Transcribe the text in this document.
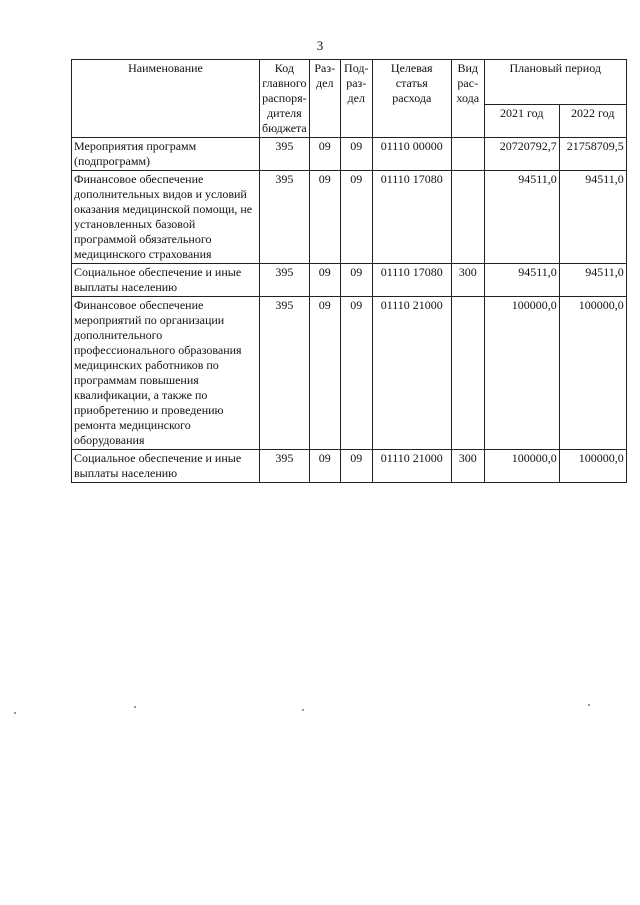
3
Наименование	Код главного распоря-дителя бюджета	Раз-дел	Под-раз-дел	Целевая статья расхода	Вид рас-хода	Плановый период	
						2021 год	2022 год
Мероприятия программ (подпрограмм)	395	09	09	01110 00000		20720792,7	21758709,5
Финансовое обеспечение дополнительных видов и условий оказания медицинской помощи, не установленных базовой программой обязательного медицинского страхования	395	09	09	01110 17080		94511,0	94511,0
Социальное обеспечение и иные выплаты населению	395	09	09	01110 17080	300	94511,0	94511,0
Финансовое обеспечение мероприятий по организации дополнительного профессионального образования медицинских работников по программам повышения квалификации, а также по приобретению и проведению ремонта медицинского оборудования	395	09	09	01110 21000		100000,0	100000,0
Социальное обеспечение и иные выплаты населению	395	09	09	01110 21000	300	100000,0	100000,0
